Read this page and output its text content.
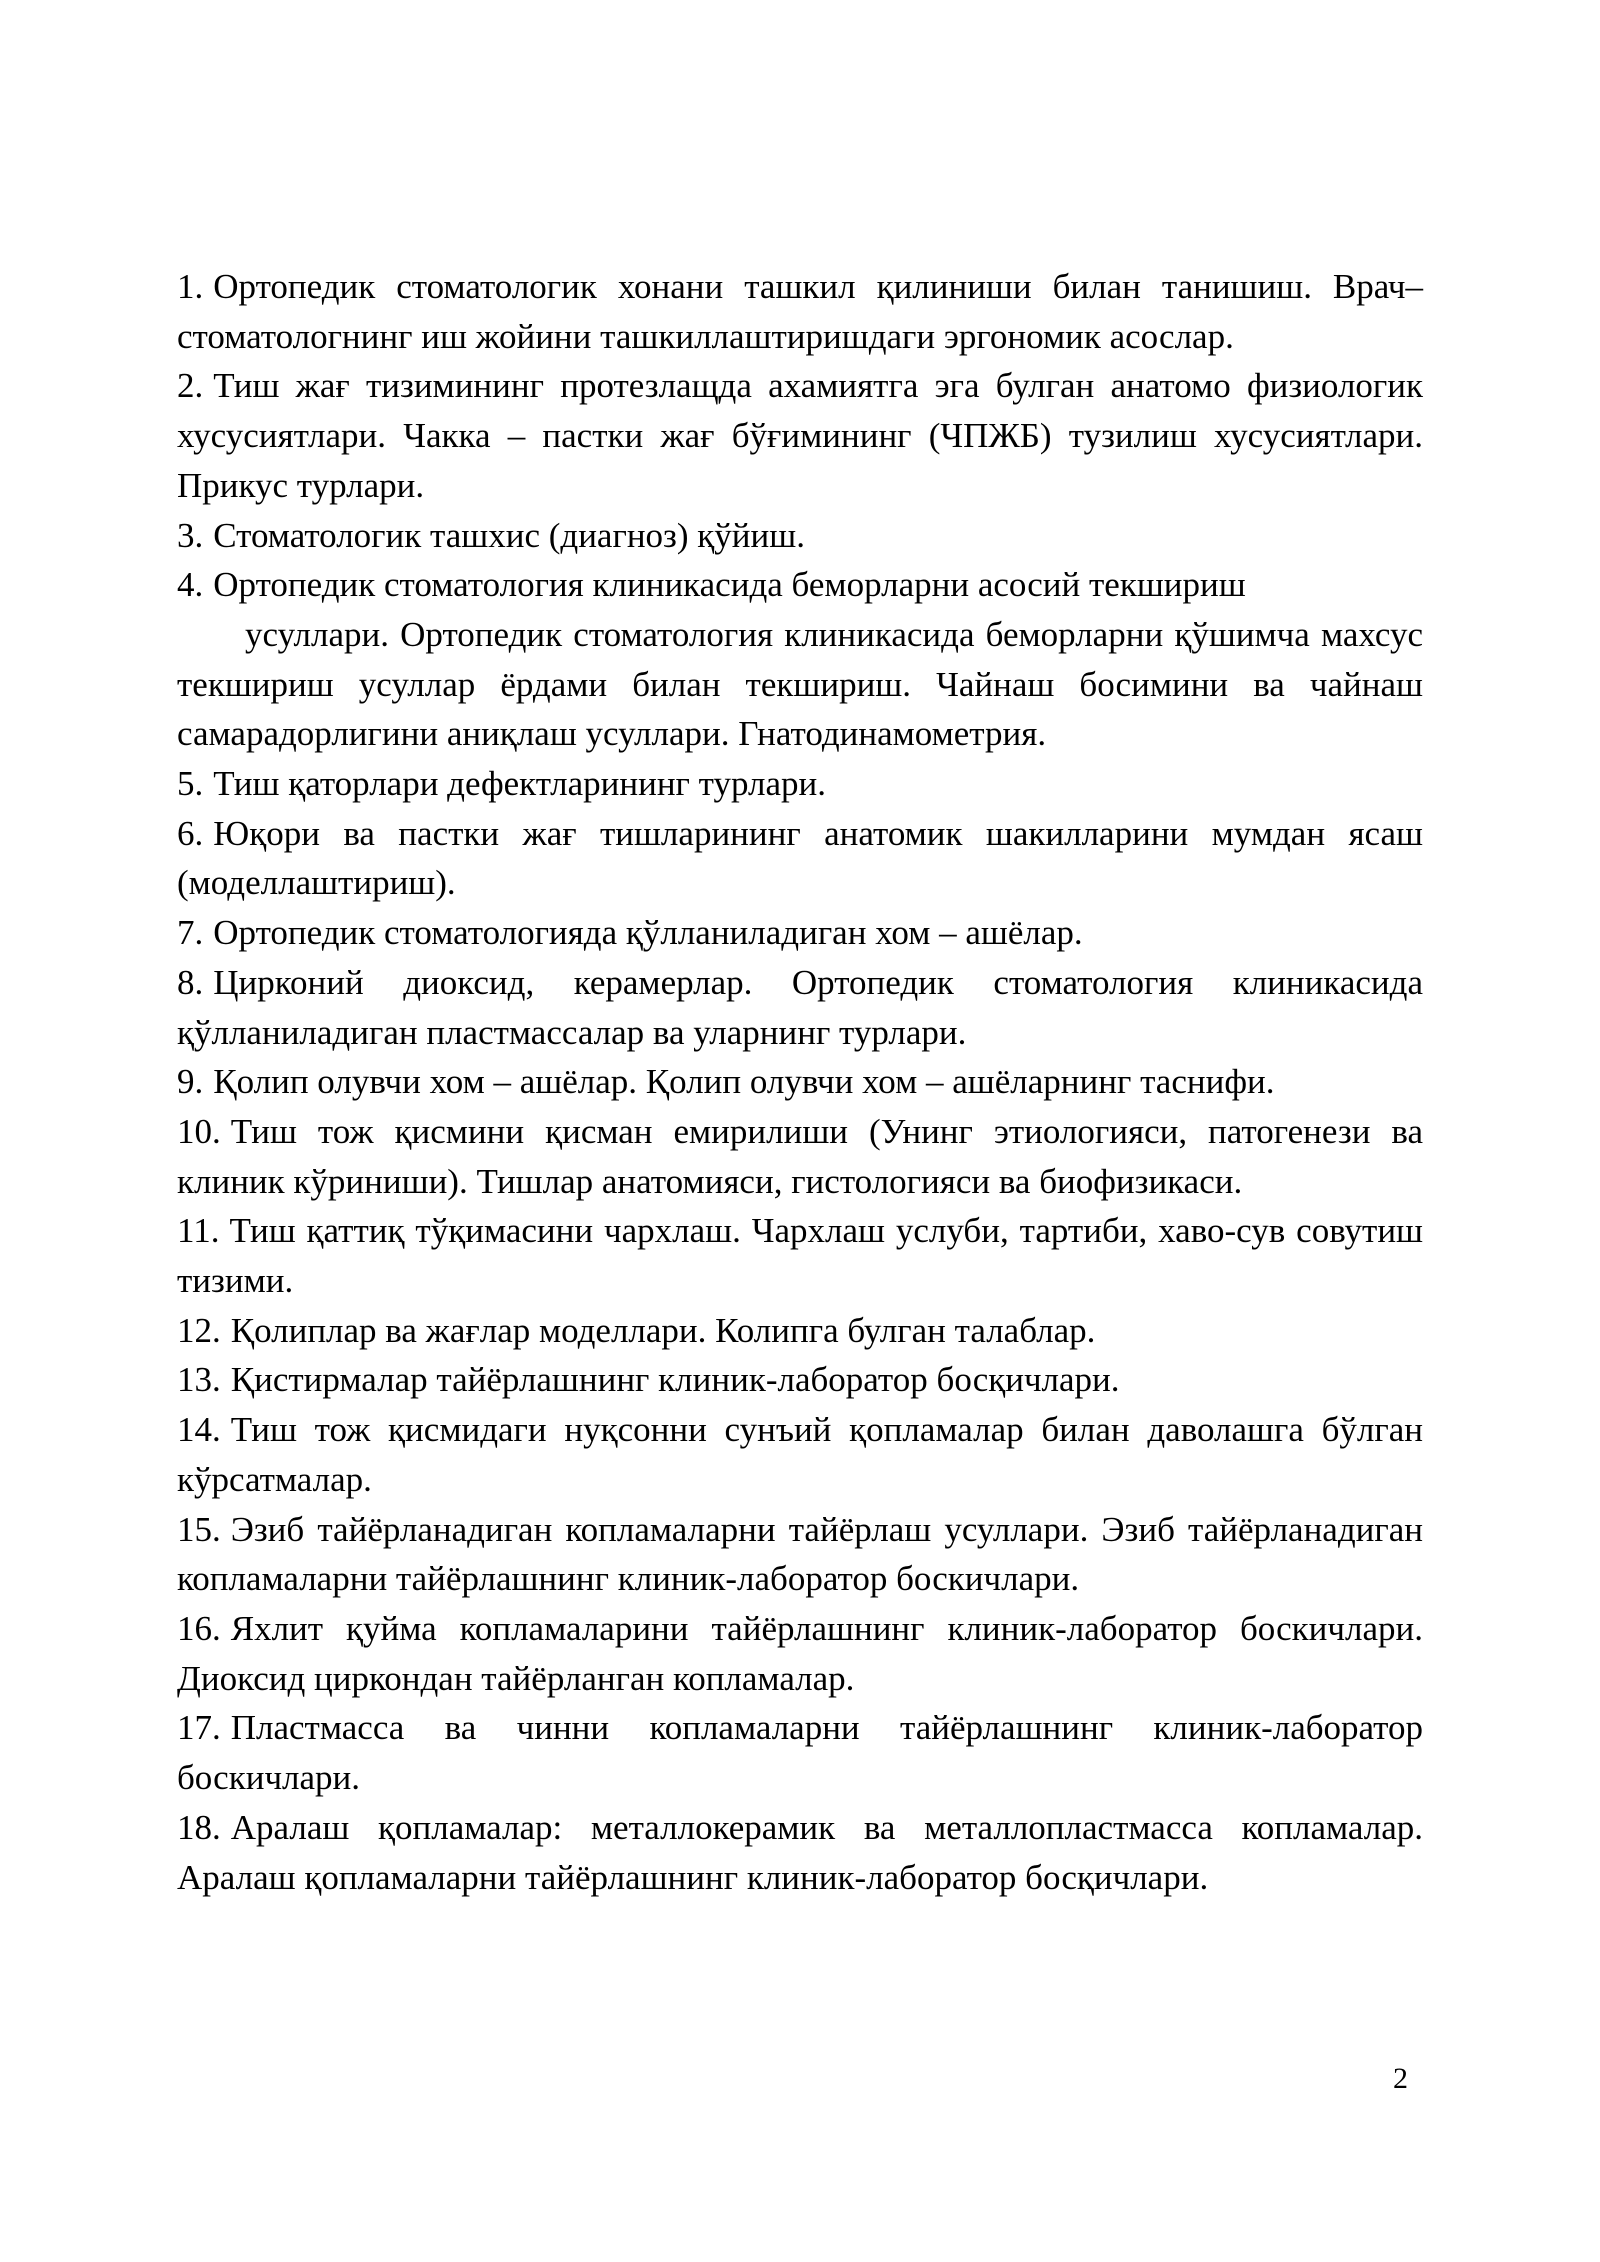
1. Ортопедик стоматологик хонани ташкил қилиниши билан танишиш. Врач–стоматологнинг иш жойини ташкиллаштиришдаги эргономик асослар.

2. Тиш жағ тизимининг протезлащда ахамиятга эга булган анатомо физиологик хусусиятлари. Чакка – пастки жағ бўғимининг (ЧПЖБ) тузилиш хусусиятлари. Прикус турлари.

3. Стоматологик ташхис (диагноз) қўйиш.

4. Ортопедик стоматология клиникасида беморларни асосий текшириш
усуллари. Ортопедик стоматология клиникасида беморларни қўшимча махсус текшириш усуллар ёрдами билан текшириш. Чайнаш босимини ва чайнаш самарадорлигини аниқлаш усуллари. Гнатодинамометрия.

5. Тиш қаторлари дефектларининг турлари.

6. Юқори ва пастки жағ тишларининг анатомик шакилларини мумдан ясаш (моделлаштириш).

7. Ортопедик стоматологияда қўлланиладиган хом – ашёлар.

8. Цирконий диоксид, керамерлар. Ортопедик стоматология клиникасида қўлланиладиган пластмассалар ва уларнинг турлари.

9. Қолип олувчи хом – ашёлар. Қолип олувчи хом – ашёларнинг таснифи.

10. Тиш тож қисмини қисман емирилиши (Унинг этиологияси, патогенези ва клиник кўриниши). Тишлар анатомияси, гистологияси ва биофизикаси.

11. Тиш қаттиқ тўқимасини чархлаш. Чархлаш услуби, тартиби, хаво-сув совутиш тизими.

12. Қолиплар ва жағлар моделлари. Колипга булган талаблар.

13. Қистирмалар тайёрлашнинг клиник-лаборатор босқичлари.

14. Тиш тож қисмидаги нуқсонни сунъий қопламалар билан даволашга бўлган кўрсатмалар.

15. Эзиб тайёрланадиган копламаларни тайёрлаш усуллари. Эзиб тайёрланадиган копламаларни тайёрлашнинг клиник-лаборатор боскичлари.

16. Яхлит қуйма копламаларини тайёрлашнинг клиник-лаборатор боскичлари. Диоксид циркондан тайёрланган копламалар.

17. Пластмасса ва чинни копламаларни тайёрлашнинг клиник-лаборатор боскичлари.

18. Аралаш қопламалар: металлокерамик ва металлопластмасса копламалар. Аралаш қопламаларни тайёрлашнинг клиник-лаборатор босқичлари.

2
